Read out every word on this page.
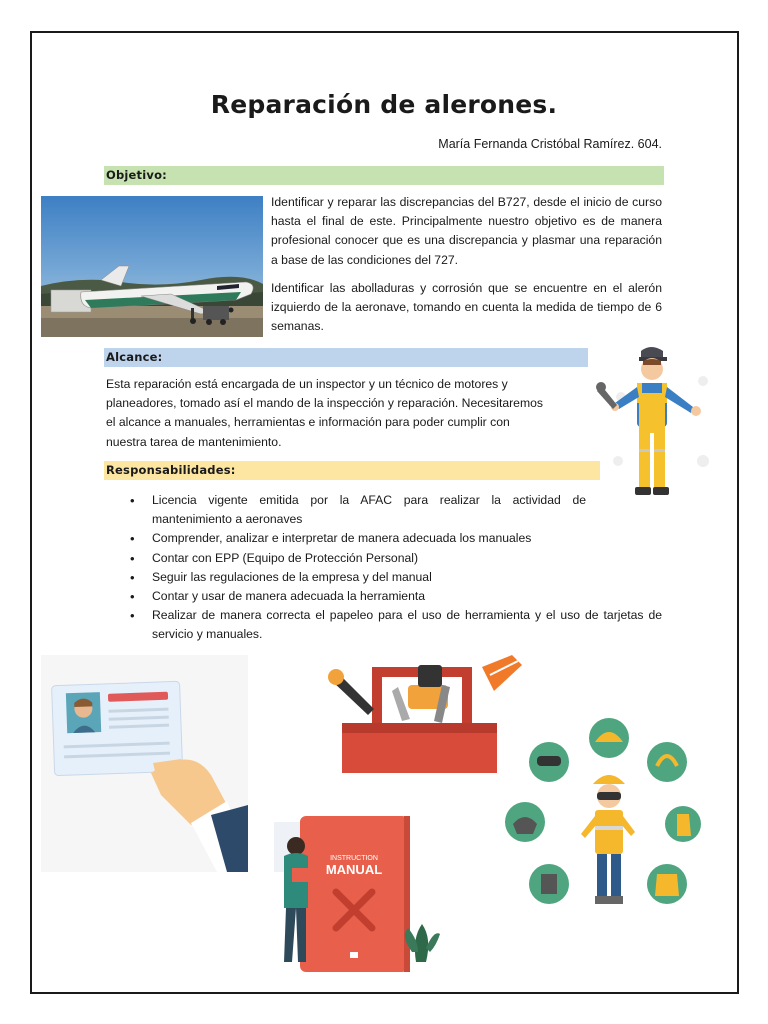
Reparación de alerones.
María Fernanda Cristóbal Ramírez. 604.
Objetivo:
Identificar y reparar las discrepancias del B727, desde el inicio de curso hasta el final de este. Principalmente nuestro objetivo es de manera profesional conocer que es una discrepancia y plasmar una reparación a base de las condiciones del 727.
Identificar las abolladuras y corrosión que se encuentre en el alerón izquierdo de la aeronave, tomando en cuenta la medida de tiempo de 6 semanas.
Alcance:
Esta reparación está encargada de un inspector y un técnico de motores y planeadores, tomado así el mando de la inspección y reparación. Necesitaremos el alcance a manuales, herramientas e información para poder cumplir con nuestra tarea de mantenimiento.
Responsabilidades:
• Licencia vigente emitida por la AFAC para realizar la actividad de mantenimiento a aeronaves
• Comprender, analizar e interpretar de manera adecuada los manuales
• Contar con EPP (Equipo de Protección Personal)
• Seguir las regulaciones de la empresa y del manual
• Contar y usar de manera adecuada la herramienta
• Realizar de manera correcta el papeleo para el uso de herramienta y el uso de tarjetas de servicio y manuales.
INSTRUCTION
MANUAL
